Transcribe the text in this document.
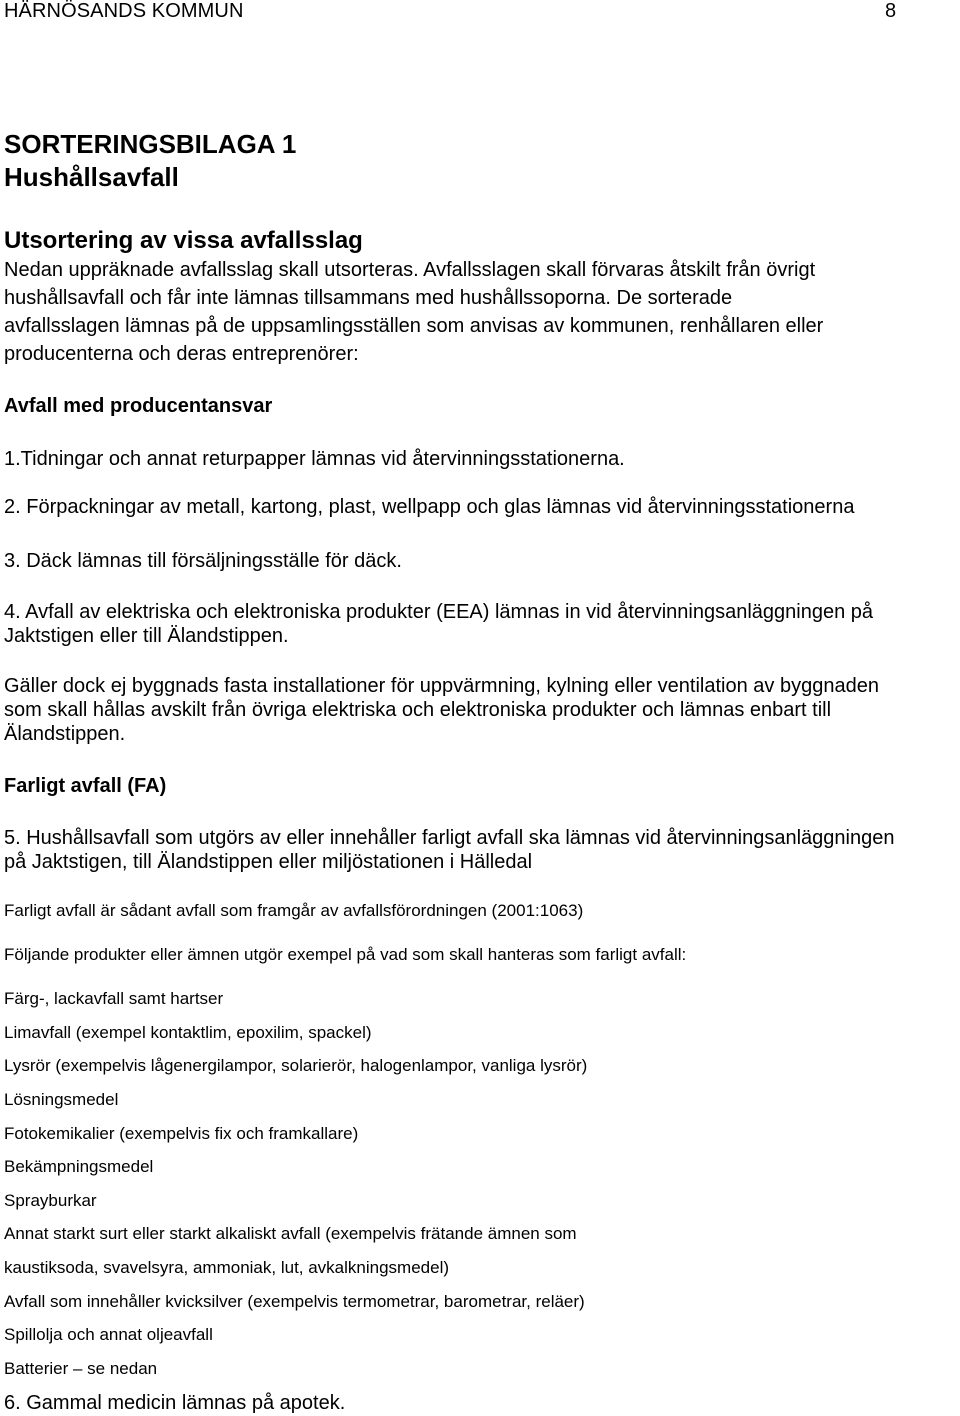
HÄRNÖSANDS KOMMUN	8
SORTERINGSBILAGA 1
Hushållsavfall
Utsortering av vissa avfallsslag
Nedan uppräknade avfallsslag skall utsorteras. Avfallsslagen skall förvaras åtskilt från övrigt
hushållsavfall och får inte lämnas tillsammans med hushållssoporna. De sorterade
avfallsslagen lämnas på de uppsamlingsställen som anvisas av kommunen, renhållaren eller
producenterna och deras entreprenörer:
Avfall med producentansvar
1.Tidningar och annat returpapper lämnas vid återvinningsstationerna.
2. Förpackningar av metall, kartong, plast, wellpapp och glas lämnas vid återvinningsstationerna
3. Däck lämnas till försäljningsställe för däck.
4. Avfall av elektriska och elektroniska produkter (EEA) lämnas in vid återvinningsanläggningen på
Jaktstigen eller till Älandstippen.
Gäller dock ej byggnads fasta installationer för uppvärmning, kylning eller ventilation av byggnaden
som skall hållas avskilt från övriga elektriska och elektroniska produkter och lämnas enbart till
Älandstippen.
Farligt avfall (FA)
5. Hushållsavfall som utgörs av eller innehåller farligt avfall ska lämnas vid återvinningsanläggningen
på Jaktstigen, till Älandstippen eller miljöstationen i Hälledal
Farligt avfall är sådant avfall som framgår av avfallsförordningen (2001:1063)
Följande produkter eller ämnen utgör exempel på vad som skall hanteras som farligt avfall:
Färg-, lackavfall samt hartser
Limavfall (exempel kontaktlim, epoxilim, spackel)
Lysrör (exempelvis lågenergilampor, solarierör, halogenlampor, vanliga lysrör)
Lösningsmedel
Fotokemikalier (exempelvis fix och framkallare)
Bekämpningsmedel
Sprayburkar
Annat starkt surt eller starkt alkaliskt avfall (exempelvis frätande ämnen som
kaustiksoda, svavelsyra, ammoniak, lut, avkalkningsmedel)
Avfall som innehåller kvicksilver (exempelvis termometrar, barometrar, reläer)
Spillolja och annat oljeavfall
Batterier – se nedan
6. Gammal medicin lämnas på apotek.
